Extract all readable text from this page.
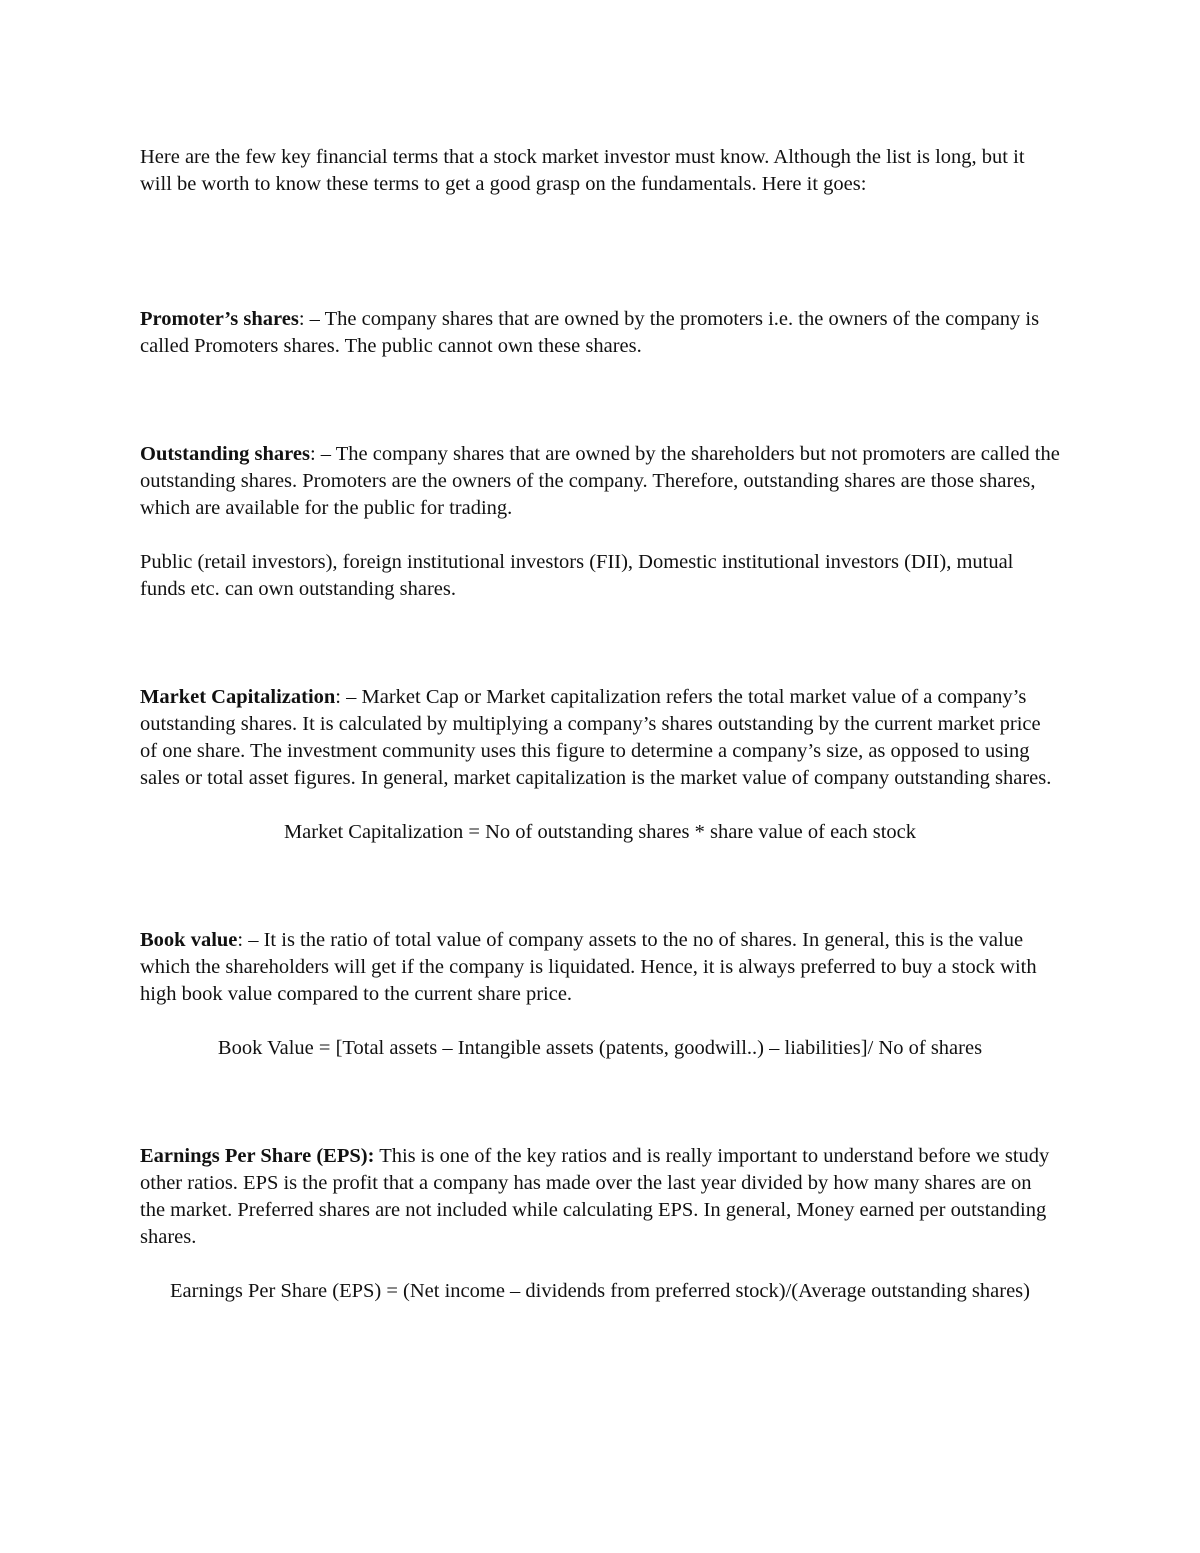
Here are the few key financial terms that a stock market investor must know. Although the list is long, but it will be worth to know these terms to get a good grasp on the fundamentals. Here it goes:

Promoter’s shares: – The company shares that are owned by the promoters i.e. the owners of the company is called Promoters shares. The public cannot own these shares.

Outstanding shares: – The company shares that are owned by the shareholders but not promoters are called the outstanding shares. Promoters are the owners of the company. Therefore, outstanding shares are those shares, which are available for the public for trading.

Public (retail investors), foreign institutional investors (FII), Domestic institutional investors (DII), mutual funds etc. can own outstanding shares.

Market Capitalization: – Market Cap or Market capitalization refers the total market value of a company’s outstanding shares. It is calculated by multiplying a company’s shares outstanding by the current market price of one share. The investment community uses this figure to determine a company’s size, as opposed to using sales or total asset figures. In general, market capitalization is the market value of company outstanding shares.

Market Capitalization = No of outstanding shares * share value of each stock

Book value: – It is the ratio of total value of company assets to the no of shares. In general, this is the value which the shareholders will get if the company is liquidated. Hence, it is always preferred to buy a stock with high book value compared to the current share price.

Book Value = [Total assets – Intangible assets (patents, goodwill..) – liabilities]/ No of shares

Earnings Per Share (EPS): This is one of the key ratios and is really important to understand before we study other ratios. EPS is the profit that a company has made over the last year divided by how many shares are on the market. Preferred shares are not included while calculating EPS. In general, Money earned per outstanding shares.

Earnings Per Share (EPS) = (Net income – dividends from preferred stock)/(Average outstanding shares)
